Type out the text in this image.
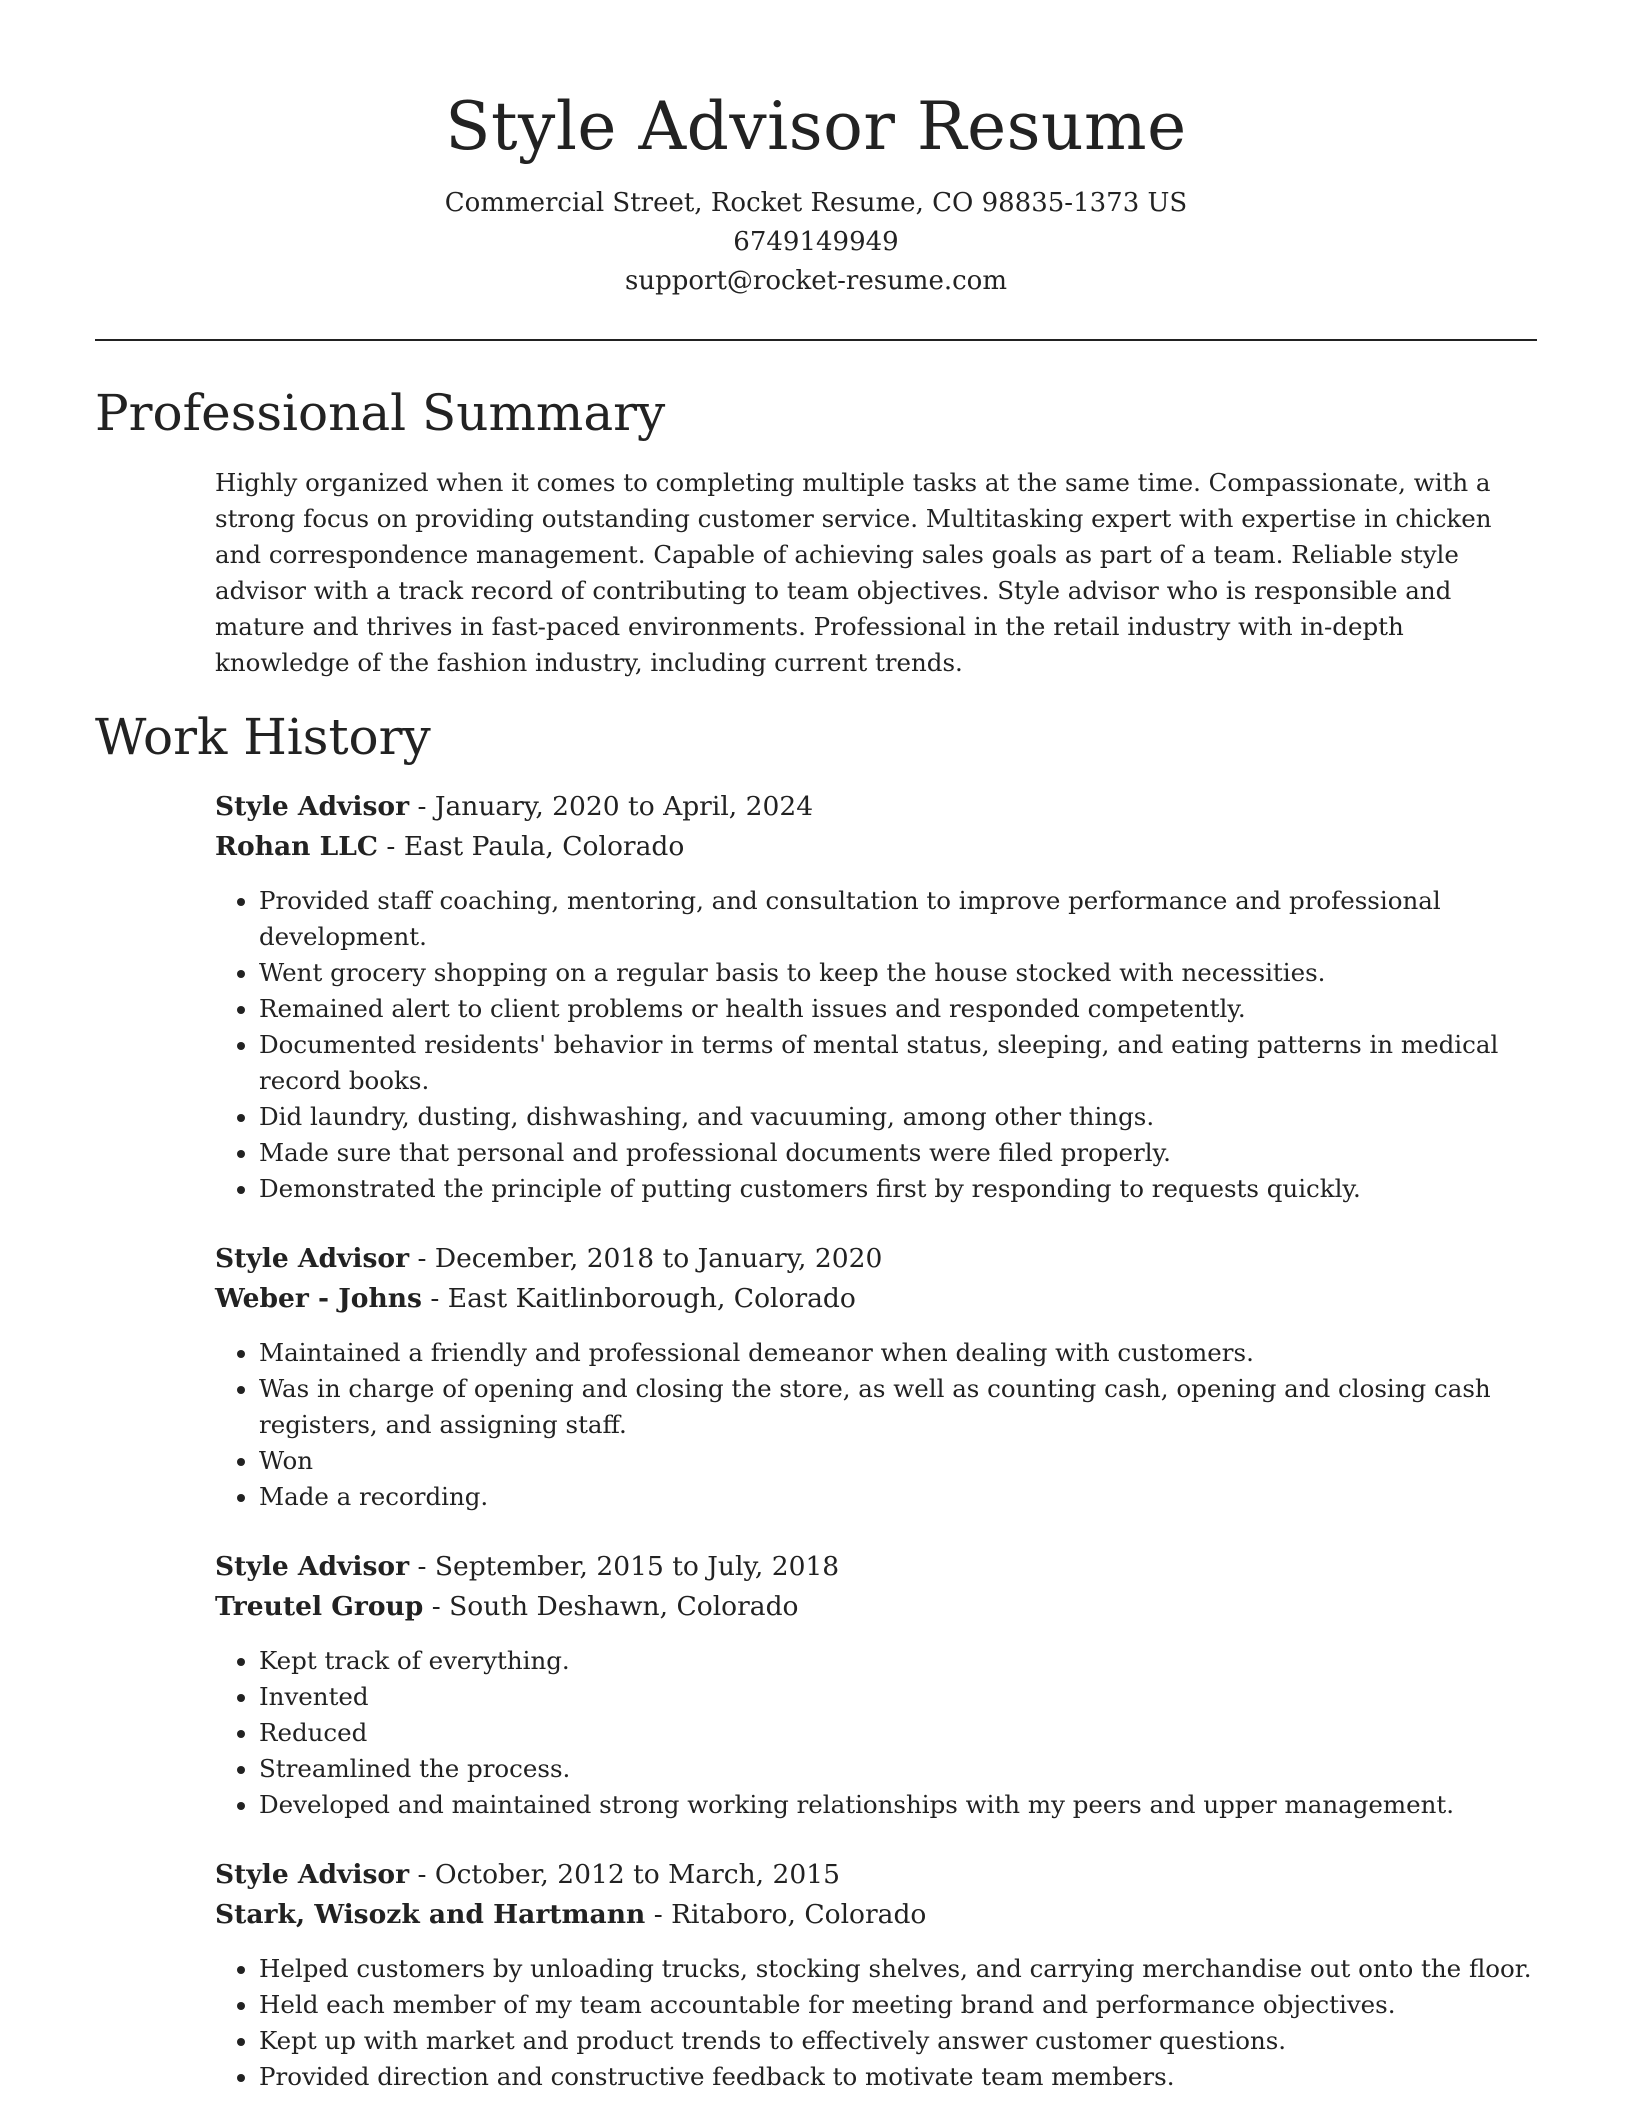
Style Advisor Resume
Commercial Street, Rocket Resume, CO 98835-1373 US
6749149949
support@rocket-resume.com
Professional Summary

Highly organized when it comes to completing multiple tasks at the same time. Compassionate, with a strong focus on providing outstanding customer service. Multitasking expert with expertise in chicken and correspondence management. Capable of achieving sales goals as part of a team. Reliable style advisor with a track record of contributing to team objectives. Style advisor who is responsible and mature and thrives in fast-paced environments. Professional in the retail industry with in-depth knowledge of the fashion industry, including current trends.

Work History
Style Advisor - January, 2020 to April, 2024
Rohan LLC - East Paula, Colorado
• Provided staff coaching, mentoring, and consultation to improve performance and professional development.
• Went grocery shopping on a regular basis to keep the house stocked with necessities.
• Remained alert to client problems or health issues and responded competently.
• Documented residents' behavior in terms of mental status, sleeping, and eating patterns in medical record books.
• Did laundry, dusting, dishwashing, and vacuuming, among other things.
• Made sure that personal and professional documents were filed properly.
• Demonstrated the principle of putting customers first by responding to requests quickly.
Style Advisor - December, 2018 to January, 2020
Weber - Johns - East Kaitlinborough, Colorado
• Maintained a friendly and professional demeanor when dealing with customers.
• Was in charge of opening and closing the store, as well as counting cash, opening and closing cash registers, and assigning staff.
• Won
• Made a recording.
Style Advisor - September, 2015 to July, 2018
Treutel Group - South Deshawn, Colorado
• Kept track of everything.
• Invented
• Reduced
• Streamlined the process.
• Developed and maintained strong working relationships with my peers and upper management.
Style Advisor - October, 2012 to March, 2015
Stark, Wisozk and Hartmann - Ritaboro, Colorado
• Helped customers by unloading trucks, stocking shelves, and carrying merchandise out onto the floor.
• Held each member of my team accountable for meeting brand and performance objectives.
• Kept up with market and product trends to effectively answer customer questions.
• Provided direction and constructive feedback to motivate team members.
